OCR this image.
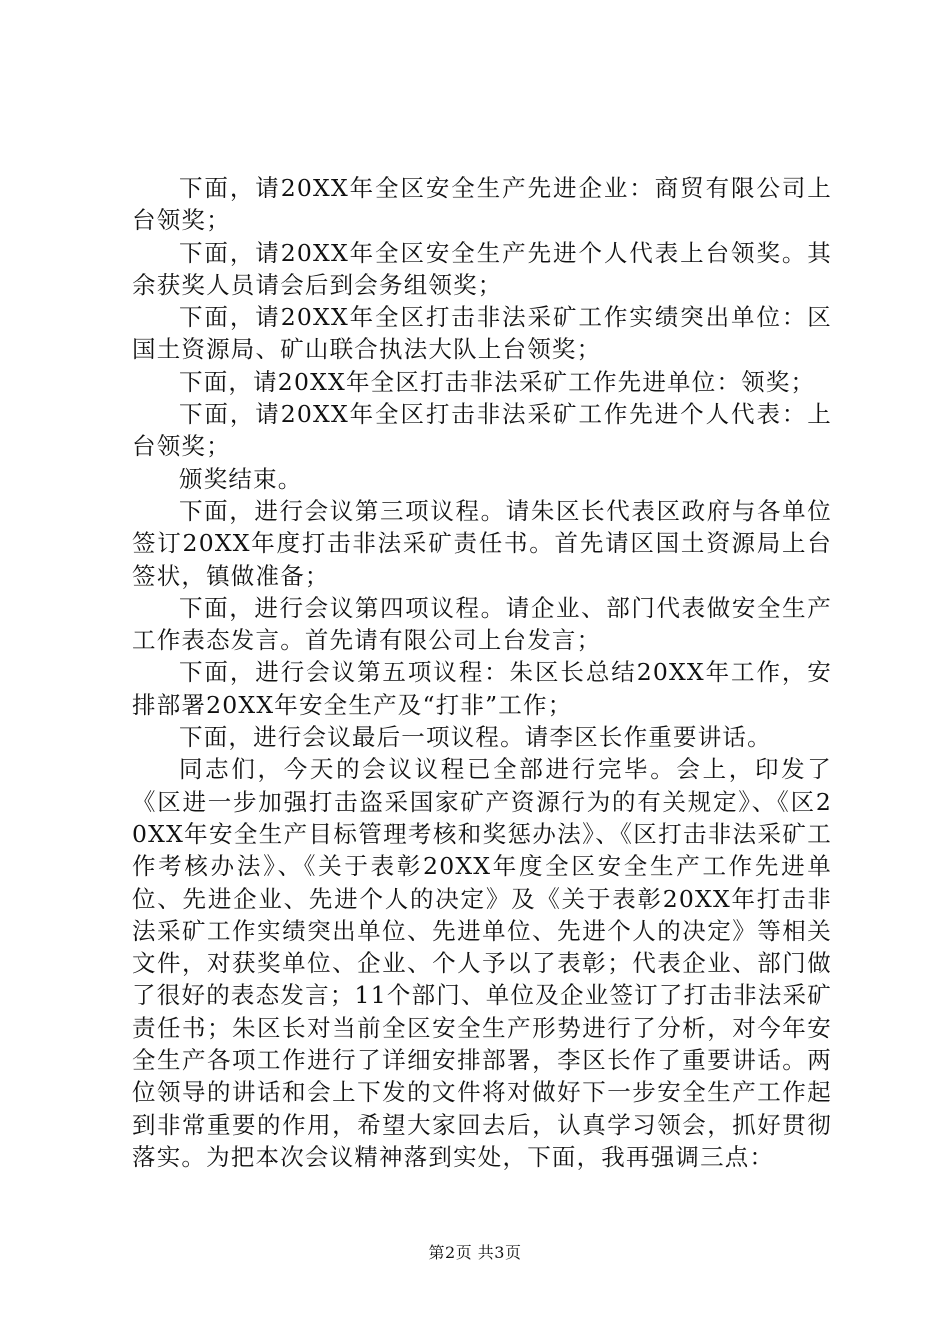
下面，请20XX年全区安全生产先进企业：商贸有限公司上台领奖；

下面，请20XX年全区安全生产先进个人代表上台领奖。其余获奖人员请会后到会务组领奖；

下面，请20XX年全区打击非法采矿工作实绩突出单位：区国土资源局、矿山联合执法大队上台领奖；

下面，请20XX年全区打击非法采矿工作先进单位：领奖；

下面，请20XX年全区打击非法采矿工作先进个人代表：上台领奖；

颁奖结束。

下面，进行会议第三项议程。请朱区长代表区政府与各单位签订20XX年度打击非法采矿责任书。首先请区国土资源局上台签状，镇做准备；

下面，进行会议第四项议程。请企业、部门代表做安全生产工作表态发言。首先请有限公司上台发言；

下面，进行会议第五项议程：朱区长总结20XX年工作，安排部署20XX年安全生产及“打非”工作；

下面，进行会议最后一项议程。请李区长作重要讲话。

同志们，今天的会议议程已全部进行完毕。会上，印发了《区进一步加强打击盗采国家矿产资源行为的有关规定》、《区20XX年安全生产目标管理考核和奖惩办法》、《区打击非法采矿工作考核办法》、《关于表彰20XX年度全区安全生产工作先进单位、先进企业、先进个人的决定》及《关于表彰20XX年打击非法采矿工作实绩突出单位、先进单位、先进个人的决定》等相关文件，对获奖单位、企业、个人予以了表彰；代表企业、部门做了很好的表态发言；11个部门、单位及企业签订了打击非法采矿责任书；朱区长对当前全区安全生产形势进行了分析，对今年安全生产各项工作进行了详细安排部署，李区长作了重要讲话。两位领导的讲话和会上下发的文件将对做好下一步安全生产工作起到非常重要的作用，希望大家回去后，认真学习领会，抓好贯彻落实。为把本次会议精神落到实处，下面，我再强调三点：

第2页 共3页
